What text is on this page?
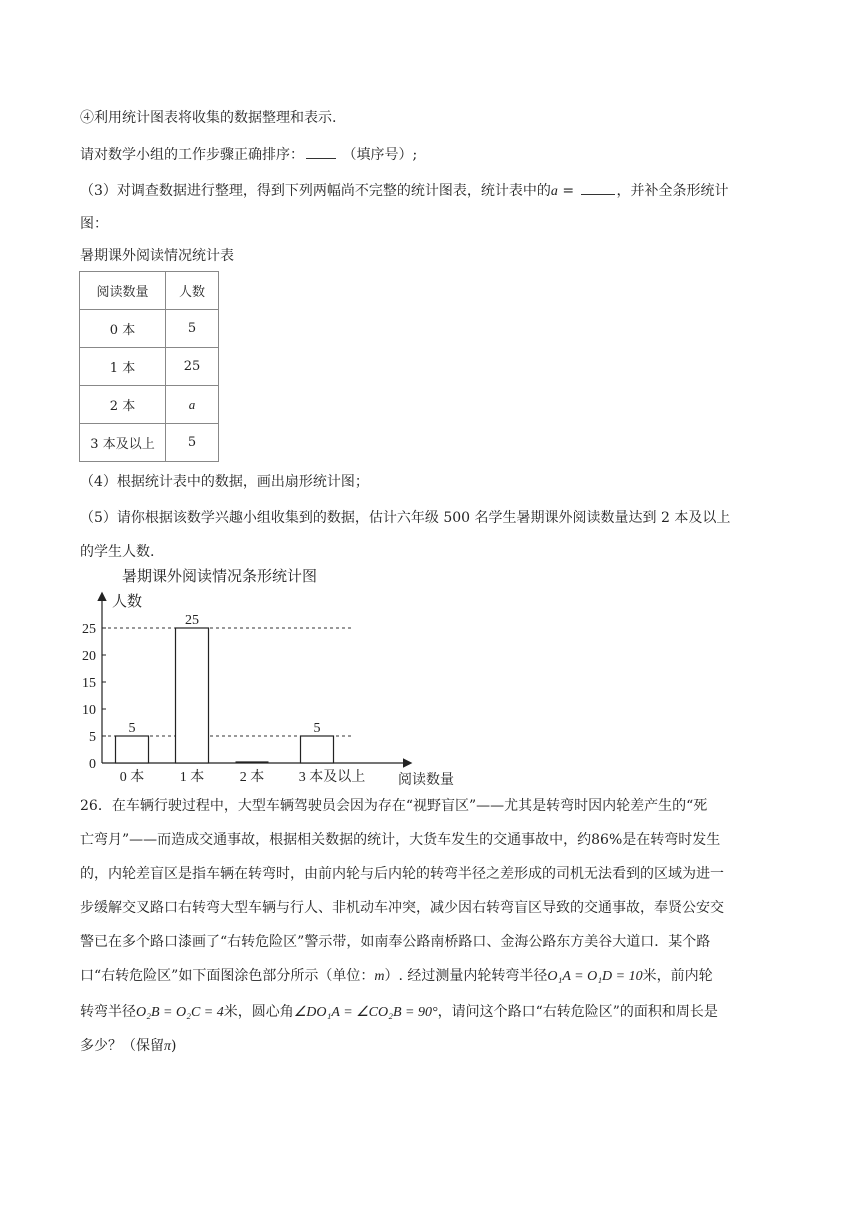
④利用统计图表将收集的数据整理和表示.
请对数学小组的工作步骤正确排序：	（填序号）;
（3）对调查数据进行整理，得到下列两幅尚不完整的统计图表，统计表中的a =	，并补全条形统计
图：
暑期课外阅读情况统计表
阅读数量	人数
0 本	5
1 本	25
2 本	a
3 本及以上	5
（4）根据统计表中的数据，画出扇形统计图；
（5）请你根据该数学兴趣小组收集到的数据，估计六年级 500 名学生暑期课外阅读数量达到 2 本及以上
的学生人数.
暑期课外阅读情况条形统计图
人数
阅读数量
0
5
10
15
20
25
5
0 本
25
1 本	2 本
5
3 本及以上
26．在车辆行驶过程中，大型车辆驾驶员会因为存在“视野盲区”——尤其是转弯时因内轮差产生的“死
亡弯月”——而造成交通事故，根据相关数据的统计，大货车发生的交通事故中，约86%是在转弯时发生
的，内轮差盲区是指车辆在转弯时，由前内轮与后内轮的转弯半径之差形成的司机无法看到的区域为进一
步缓解交叉路口右转弯大型车辆与行人、非机动车冲突，减少因右转弯盲区导致的交通事故，奉贤公安交
警已在多个路口漆画了“右转危险区”警示带，如南奉公路南桥路口、金海公路东方美谷大道口．某个路
口“右转危险区”如下面图涂色部分所示（单位：m）. 经过测量内轮转弯半径O₁A = O₁D = 10米，前内轮
转弯半径O₂B = O₂C = 4米，圆心角∠DO₁A = ∠CO₂B = 90°，请问这个路口“右转危险区”的面积和周长是
多少？（保留π)
